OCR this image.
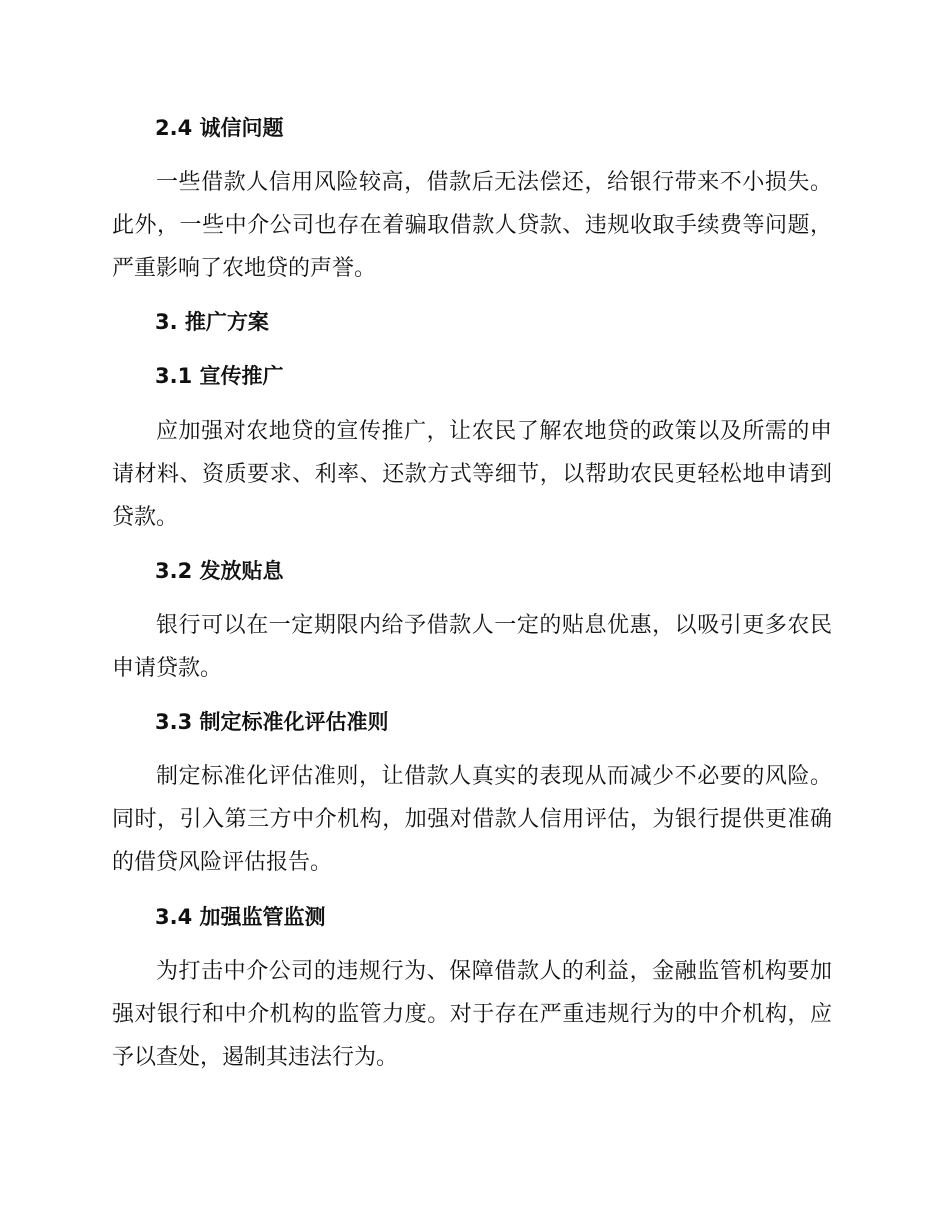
2.4 诚信问题
一些借款人信用风险较高，借款后无法偿还，给银行带来不小损失。此外，一些中介公司也存在着骗取借款人贷款、违规收取手续费等问题，严重影响了农地贷的声誉。
3. 推广方案
3.1 宣传推广
应加强对农地贷的宣传推广，让农民了解农地贷的政策以及所需的申请材料、资质要求、利率、还款方式等细节，以帮助农民更轻松地申请到贷款。
3.2 发放贴息
银行可以在一定期限内给予借款人一定的贴息优惠，以吸引更多农民申请贷款。
3.3 制定标准化评估准则
制定标准化评估准则，让借款人真实的表现从而减少不必要的风险。同时，引入第三方中介机构，加强对借款人信用评估，为银行提供更准确的借贷风险评估报告。
3.4 加强监管监测
为打击中介公司的违规行为、保障借款人的利益，金融监管机构要加强对银行和中介机构的监管力度。对于存在严重违规行为的中介机构，应予以查处，遏制其违法行为。
